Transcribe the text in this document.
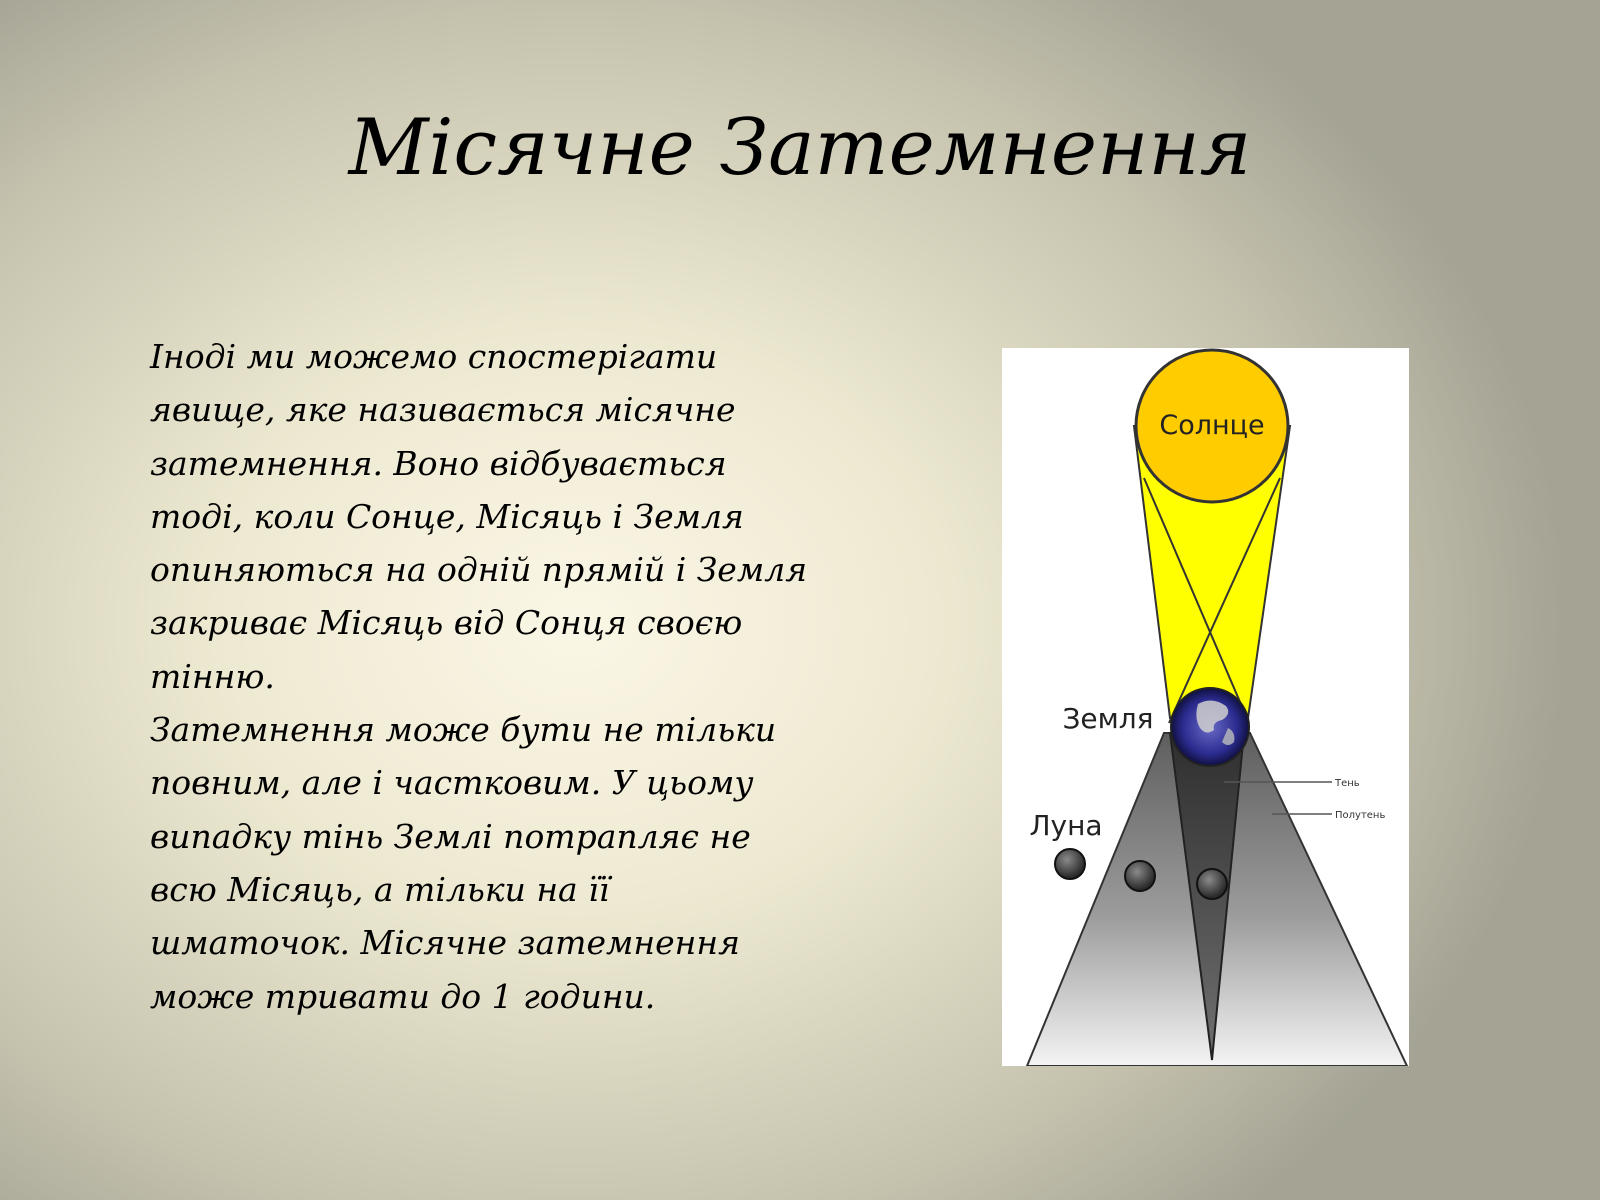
Місячне Затемнення

Іноді ми можемо спостерігати явище, яке називається місячне затемнення. Воно відбувається тоді, коли Сонце, Місяць і Земля опиняються на одній прямій і Земля закриває Місяць від Сонця своєю тінню.

Затемнення може бути не тільки повним, але і частковим. У цьому випадку тінь Землі потрапляє не всю Місяць, а тільки на її шматочок. Місячне затемнення може тривати до 1 години.

Солнце
Земля
Луна
Тень
Полутень
